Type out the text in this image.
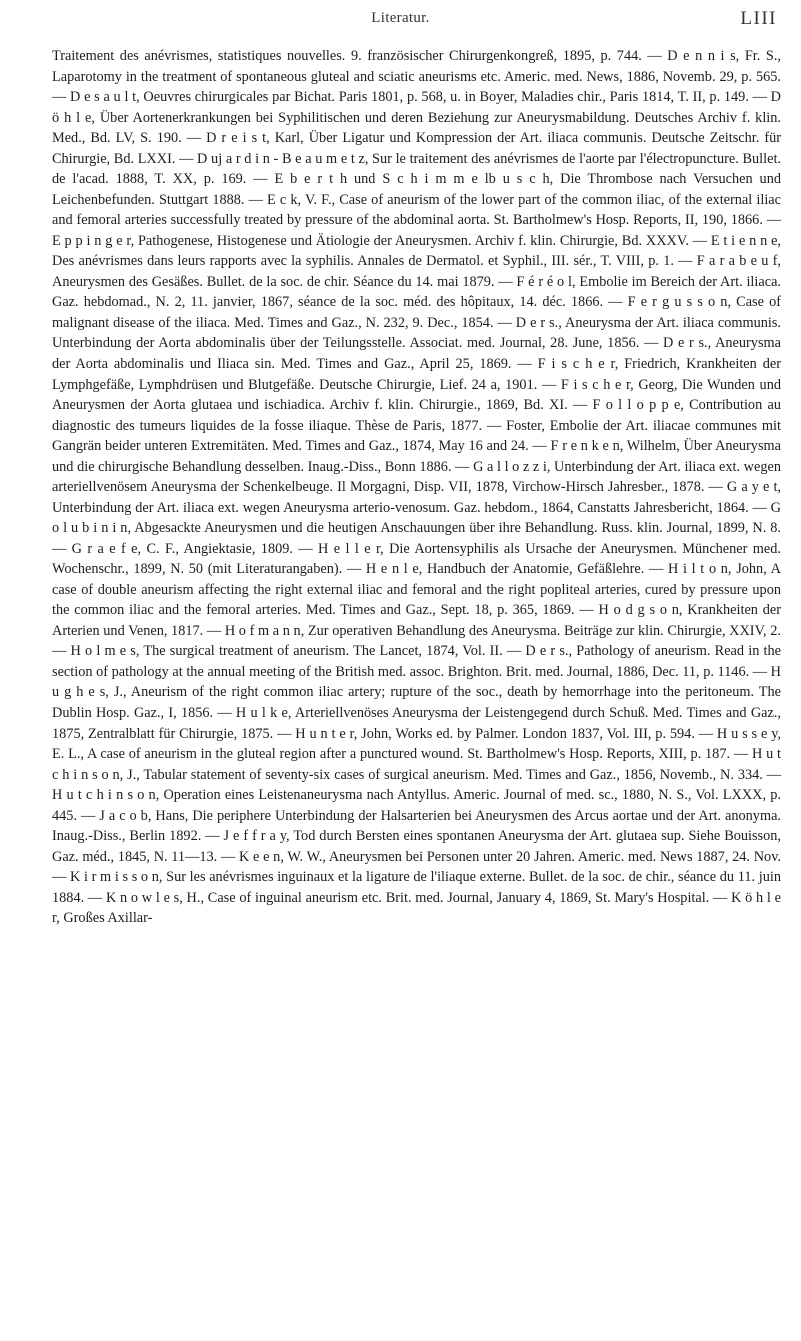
Literatur.	LIII

Traitement des anévrismes, statistiques nouvelles. 9. französischer Chirurgenkongreß, 1895, p. 744. — D e n n i s, Fr. S., Laparotomy in the treatment of spontaneous gluteal and sciatic aneurisms etc. Americ. med. News, 1886, Novemb. 29, p. 565. — D e s a u l t, Oeuvres chirurgicales par Bichat. Paris 1801, p. 568, u. in Boyer, Maladies chir., Paris 1814, T. II, p. 149. — D ö h l e, Über Aortenerkrankungen bei Syphilitischen und deren Beziehung zur Aneurysmabildung. Deutsches Archiv f. klin. Med., Bd. LV, S. 190. — D r e i s t, Karl, Über Ligatur und Kompression der Art. iliaca communis. Deutsche Zeitschr. für Chirurgie, Bd. LXXI. — D uj a r d i n - B e a u m e t z, Sur le traitement des anévrismes de l'aorte par l'électropuncture. Bullet. de l'acad. 1888, T. XX, p. 169. — E b e r t h und S c h i m m e lb u s c h, Die Thrombose nach Versuchen und Leichenbefunden. Stuttgart 1888. — E c k, V. F., Case of aneurism of the lower part of the common iliac, of the external iliac and femoral arteries successfully treated by pressure of the abdominal aorta. St. Bartholmew's Hosp. Reports, II, 190, 1866. — E p p i n g e r, Pathogenese, Histogenese und Ätiologie der Aneurysmen. Archiv f. klin. Chirurgie, Bd. XXXV. — E t i e n n e, Des anévrismes dans leurs rapports avec la syphilis. Annales de Dermatol. et Syphil., III. sér., T. VIII, p. 1. — F a r a b e u f, Aneurysmen des Gesäßes. Bullet. de la soc. de chir. Séance du 14. mai 1879. — F é r é o l, Embolie im Bereich der Art. iliaca. Gaz. hebdomad., N. 2, 11. janvier, 1867, séance de la soc. méd. des hôpitaux, 14. déc. 1866. — F e r g u s s o n, Case of malignant disease of the iliaca. Med. Times and Gaz., N. 232, 9. Dec., 1854. — D e r s., Aneurysma der Art. iliaca communis. Unterbindung der Aorta abdominalis über der Teilungsstelle. Associat. med. Journal, 28. June, 1856. — D e r s., Aneurysma der Aorta abdominalis und Iliaca sin. Med. Times and Gaz., April 25, 1869. — F i s c h e r, Friedrich, Krankheiten der Lymphgefäße, Lymphdrüsen und Blutgefäße. Deutsche Chirurgie, Lief. 24 a, 1901. — F i s c h e r, Georg, Die Wunden und Aneurysmen der Aorta glutaea und ischiadica. Archiv f. klin. Chirurgie., 1869, Bd. XI. — F o l l o p p e, Contribution au diagnostic des tumeurs liquides de la fosse iliaque. Thèse de Paris, 1877. — Foster, Embolie der Art. iliacae communes mit Gangrän beider unteren Extremitäten. Med. Times and Gaz., 1874, May 16 and 24. — F r e n k e n, Wilhelm, Über Aneurysma und die chirurgische Behandlung desselben. Inaug.-Diss., Bonn 1886. — G a l l o z z i, Unterbindung der Art. iliaca ext. wegen arteriellvenösem Aneurysma der Schenkelbeuge. Il Morgagni, Disp. VII, 1878, Virchow-Hirsch Jahresber., 1878. — G a y e t, Unterbindung der Art. iliaca ext. wegen Aneurysma arterio-venosum. Gaz. hebdom., 1864, Canstatts Jahresbericht, 1864. — G o l u b i n i n, Abgesackte Aneurysmen und die heutigen Anschauungen über ihre Behandlung. Russ. klin. Journal, 1899, N. 8. — G r a e f e, C. F., Angiektasie, 1809. — H e l l e r, Die Aortensyphilis als Ursache der Aneurysmen. Münchener med. Wochenschr., 1899, N. 50 (mit Literaturangaben). — H e n l e, Handbuch der Anatomie, Gefäßlehre. — H i l t o n, John, A case of double aneurism affecting the right external iliac and femoral and the right popliteal arteries, cured by pressure upon the common iliac and the femoral arteries. Med. Times and Gaz., Sept. 18, p. 365, 1869. — H o d g s o n, Krankheiten der Arterien und Venen, 1817. — H o f m a n n, Zur operativen Behandlung des Aneurysma. Beiträge zur klin. Chirurgie, XXIV, 2. — H o l m e s, The surgical treatment of aneurism. The Lancet, 1874, Vol. II. — D e r s., Pathology of aneurism. Read in the section of pathology at the annual meeting of the British med. assoc. Brighton. Brit. med. Journal, 1886, Dec. 11, p. 1146. — H u g h e s, J., Aneurism of the right common iliac artery; rupture of the soc., death by hemorrhage into the peritoneum. The Dublin Hosp. Gaz., I, 1856. — H u l k e, Arteriellvenöses Aneurysma der Leistengegend durch Schuß. Med. Times and Gaz., 1875, Zentralblatt für Chirurgie, 1875. — H u n t e r, John, Works ed. by Palmer. London 1837, Vol. III, p. 594. — H u s s e y, E. L., A case of aneurism in the gluteal region after a punctured wound. St. Bartholmew's Hosp. Reports, XIII, p. 187. — H u t c h i n s o n, J., Tabular statement of seventy-six cases of surgical aneurism. Med. Times and Gaz., 1856, Novemb., N. 334. — H u t c h i n s o n, Operation eines Leistenaneurysma nach Antyllus. Americ. Journal of med. sc., 1880, N. S., Vol. LXXX, p. 445. — J a c o b, Hans, Die periphere Unterbindung der Halsarterien bei Aneurysmen des Arcus aortae und der Art. anonyma. Inaug.-Diss., Berlin 1892. — J e f f r a y, Tod durch Bersten eines spontanen Aneurysma der Art. glutaea sup. Siehe Bouisson, Gaz. méd., 1845, N. 11—13. — K e e n, W. W., Aneurysmen bei Personen unter 20 Jahren. Americ. med. News 1887, 24. Nov. — K i r m i s s o n, Sur les anévrismes inguinaux et la ligature de l'iliaque externe. Bullet. de la soc. de chir., séance du 11. juin 1884. — K n o w l e s, H., Case of inguinal aneurism etc. Brit. med. Journal, January 4, 1869, St. Mary's Hospital. — K ö h l e r, Großes Axillar-
